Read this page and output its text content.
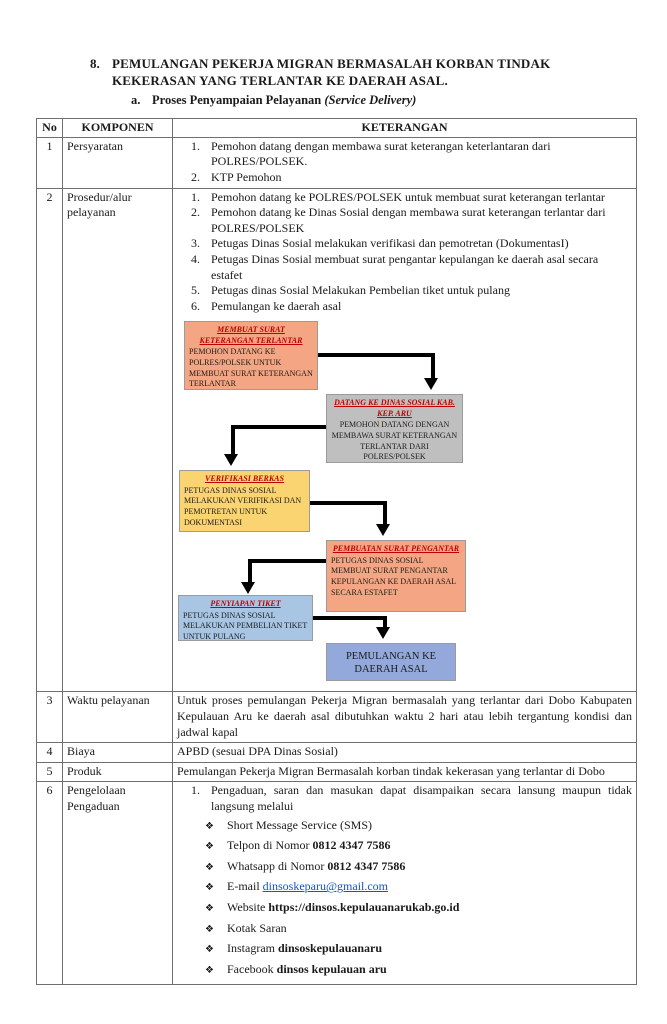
8. PEMULANGAN PEKERJA MIGRAN BERMASALAH KORBAN TINDAK
KEKERASAN YANG TERLANTAR KE DAERAH ASAL.
a. Proses Penyampaian Pelayanan (Service Delivery)
No	KOMPONEN	KETERANGAN
1	Persyaratan	Pemohon datang dengan membawa surat keterangan keterlantaran dari POLRES/POLSEK.
KTP Pemohon

2	Prosedur/alur pelayanan	
Pemohon datang ke POLRES/POLSEK untuk membuat surat keterangan terlantar
Pemohon datang ke Dinas Sosial dengan membawa surat keterangan terlantar dari POLRES/POLSEK
Petugas Dinas Sosial melakukan verifikasi dan pemotretan (DokumentasI)
Petugas Dinas Sosial membuat surat pengantar kepulangan ke daerah asal secara estafet
Petugas dinas Sosial Melakukan Pembelian tiket untuk pulang
Pemulangan ke daerah asal
MEMBUAT SURAT KETERANGAN TERLANTAR
PEMOHON DATANG KE POLRES/POLSEK UNTUK MEMBUAT SURAT KETERANGAN TERLANTAR
DATANG KE DINAS SOSIAL KAB. KEP. ARU
PEMOHON DATANG DENGAN MEMBAWA SURAT KETERANGAN TERLANTAR DARI POLRES/POLSEK
VERIFIKASI BERKAS
PETUGAS DINAS SOSIAL MELAKUKAN VERIFIKASI DAN PEMOTRETAN UNTUK DOKUMENTASI
PEMBUATAN SURAT PENGANTAR
PETUGAS DINAS SOSIAL MEMBUAT SURAT PENGANTAR KEPULANGAN KE DAERAH ASAL SECARA ESTAFET
PENYIAPAN TIKET
PETUGAS DINAS SOSIAL MELAKUKAN PEMBELIAN TIKET UNTUK PULANG
PEMULANGAN KE DAERAH ASAL

3	Waktu pelayanan	Untuk proses pemulangan Pekerja Migran bermasalah yang terlantar dari Dobo Kabupaten Kepulauan Aru ke daerah asal dibutuhkan waktu 2 hari atau lebih tergantung kondisi dan jadwal kapal
4	Biaya	APBD (sesuai DPA Dinas Sosial)
5	Produk	Pemulangan Pekerja Migran Bermasalah korban tindak kekerasan yang terlantar di Dobo
6	Pengelolaan Pengaduan	
Pengaduan, saran dan masukan dapat disampaikan secara lansung maupun tidak langsung melalui
❖
Short Message Service (SMS)
❖
Telpon di Nomor 0812 4347 7586
❖
Whatsapp di Nomor 0812 4347 7586
❖
E-mail dinsoskeparu@gmail.com
❖
Website https://dinsos.kepulauanarukab.go.id
❖
Kotak Saran
❖
Instagram dinsoskepulauanaru
❖
Facebook dinsos kepulauan aru
